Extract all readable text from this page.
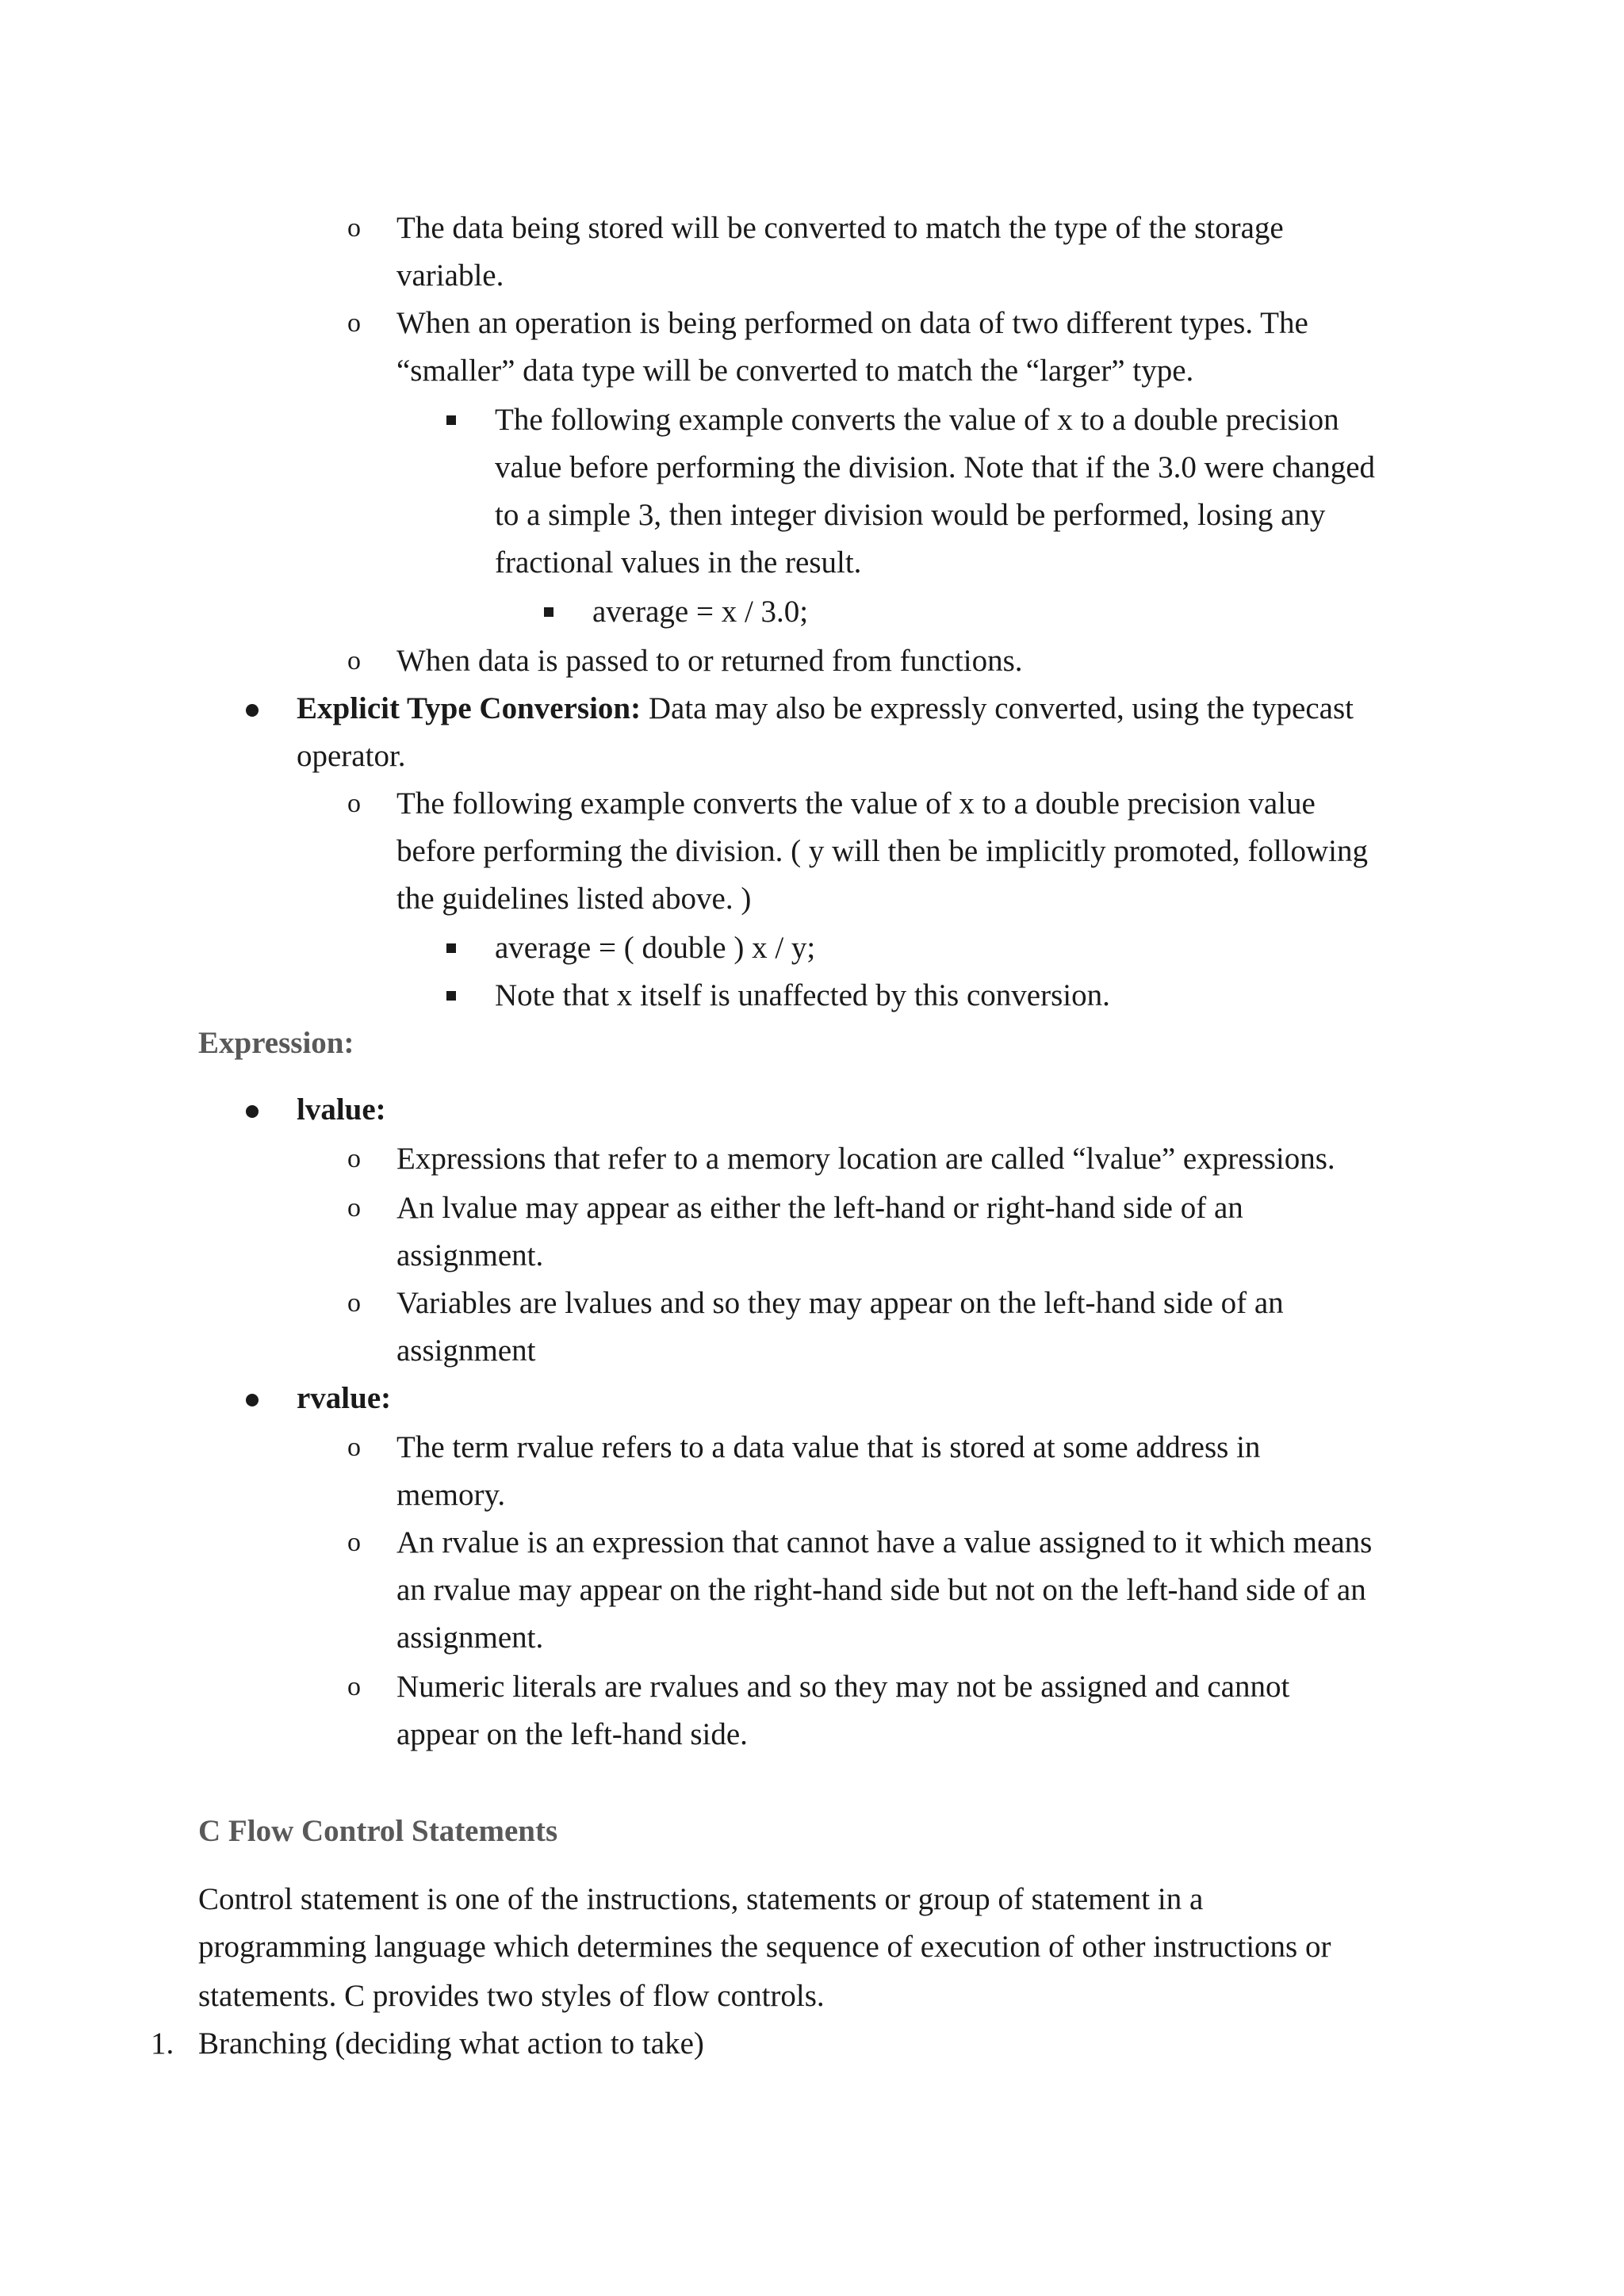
o The data being stored will be converted to match the type of the storage

variable.

o When an operation is being performed on data of two different types. The

“smaller” data type will be converted to match the “larger” type.

The following example converts the value of x to a double precision

value before performing the division. Note that if the 3.0 were changed

to a simple 3, then integer division would be performed, losing any

fractional values in the result.

average = x / 3.0;

o When data is passed to or returned from functions.

Explicit Type Conversion: Data may also be expressly converted, using the typecast

operator.

o The following example converts the value of x to a double precision value

before performing the division. ( y will then be implicitly promoted, following

the guidelines listed above. )

average = ( double ) x / y;

Note that x itself is unaffected by this conversion.

Expression:

lvalue:

o Expressions that refer to a memory location are called “lvalue” expressions.

o An lvalue may appear as either the left-hand or right-hand side of an

assignment.

o Variables are lvalues and so they may appear on the left-hand side of an

assignment

rvalue:

o The term rvalue refers to a data value that is stored at some address in

memory.

o An rvalue is an expression that cannot have a value assigned to it which means

an rvalue may appear on the right-hand side but not on the left-hand side of an

assignment.

o Numeric literals are rvalues and so they may not be assigned and cannot

appear on the left-hand side.

C Flow Control Statements

Control statement is one of the instructions, statements or group of statement in a

programming language which determines the sequence of execution of other instructions or

statements. C provides two styles of flow controls.

1. Branching (deciding what action to take)
